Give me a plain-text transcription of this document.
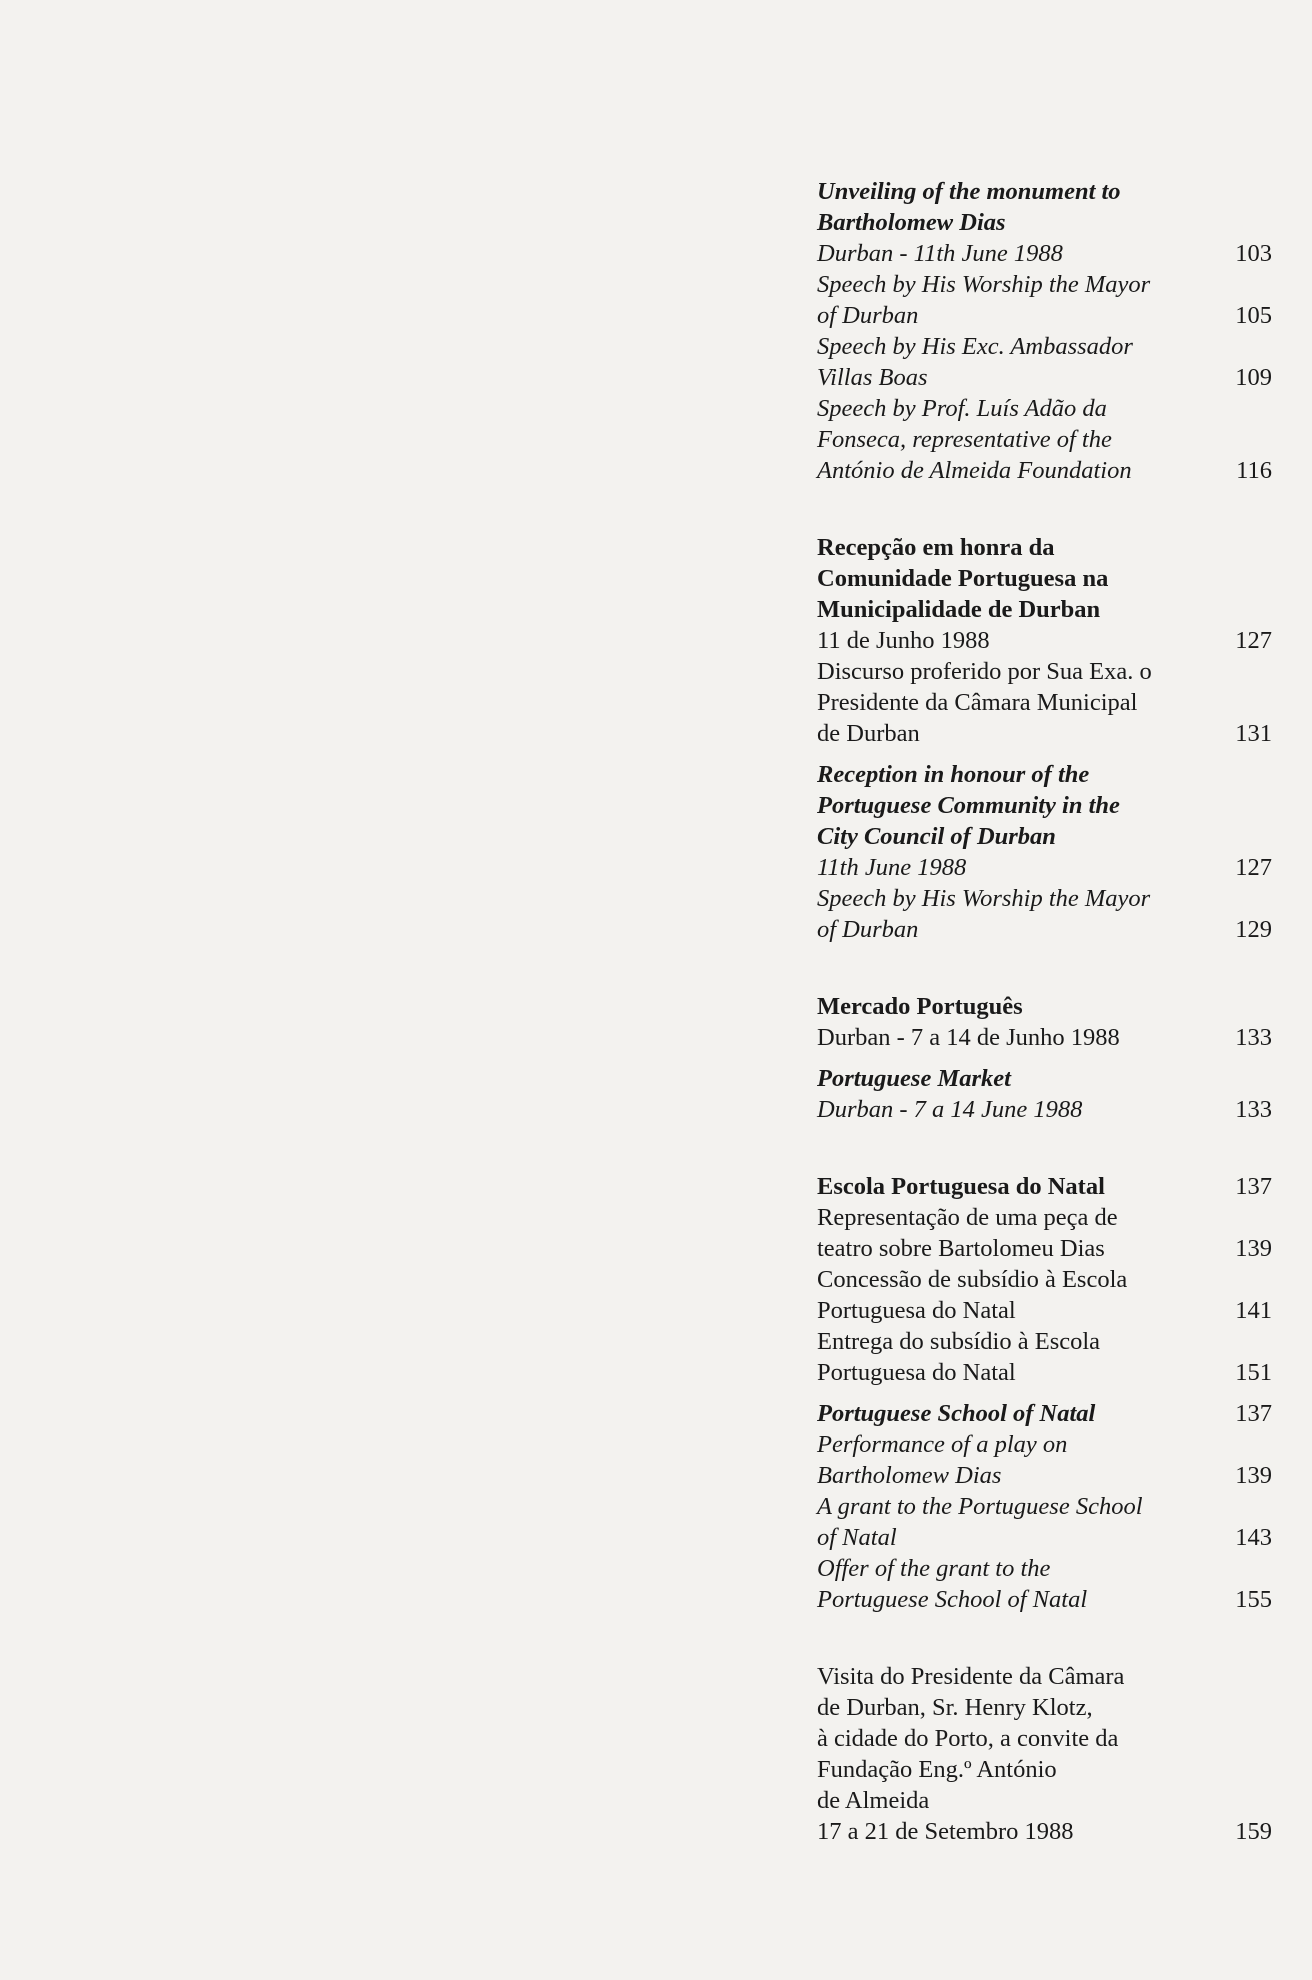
Unveiling of the monument to
Bartholomew Dias
Durban - 11th June 1988	103
Speech by His Worship the Mayor
of Durban	105
Speech by His Exc. Ambassador
Villas Boas	109
Speech by Prof. Luís Adão da
Fonseca, representative of the
António de Almeida Foundation	116
Recepção em honra da
Comunidade Portuguesa na
Municipalidade de Durban
11 de Junho 1988	127
Discurso proferido por Sua Exa. o
Presidente da Câmara Municipal
de Durban	131
Reception in honour of the
Portuguese Community in the
City Council of Durban
11th June 1988	127
Speech by His Worship the Mayor
of Durban	129
Mercado Português
Durban - 7 a 14 de Junho 1988	133
Portuguese Market
Durban - 7 a 14 June 1988	133
Escola Portuguesa do Natal	137
Representação de uma peça de
teatro sobre Bartolomeu Dias	139
Concessão de subsídio à Escola
Portuguesa do Natal	141
Entrega do subsídio à Escola
Portuguesa do Natal	151
Portuguese School of Natal	137
Performance of a play on
Bartholomew Dias	139
A grant to the Portuguese School
of Natal	143
Offer of the grant to the
Portuguese School of Natal	155
Visita do Presidente da Câmara
de Durban, Sr. Henry Klotz,
à cidade do Porto, a convite da
Fundação Eng.º António
de Almeida
17 a 21 de Setembro 1988	159
